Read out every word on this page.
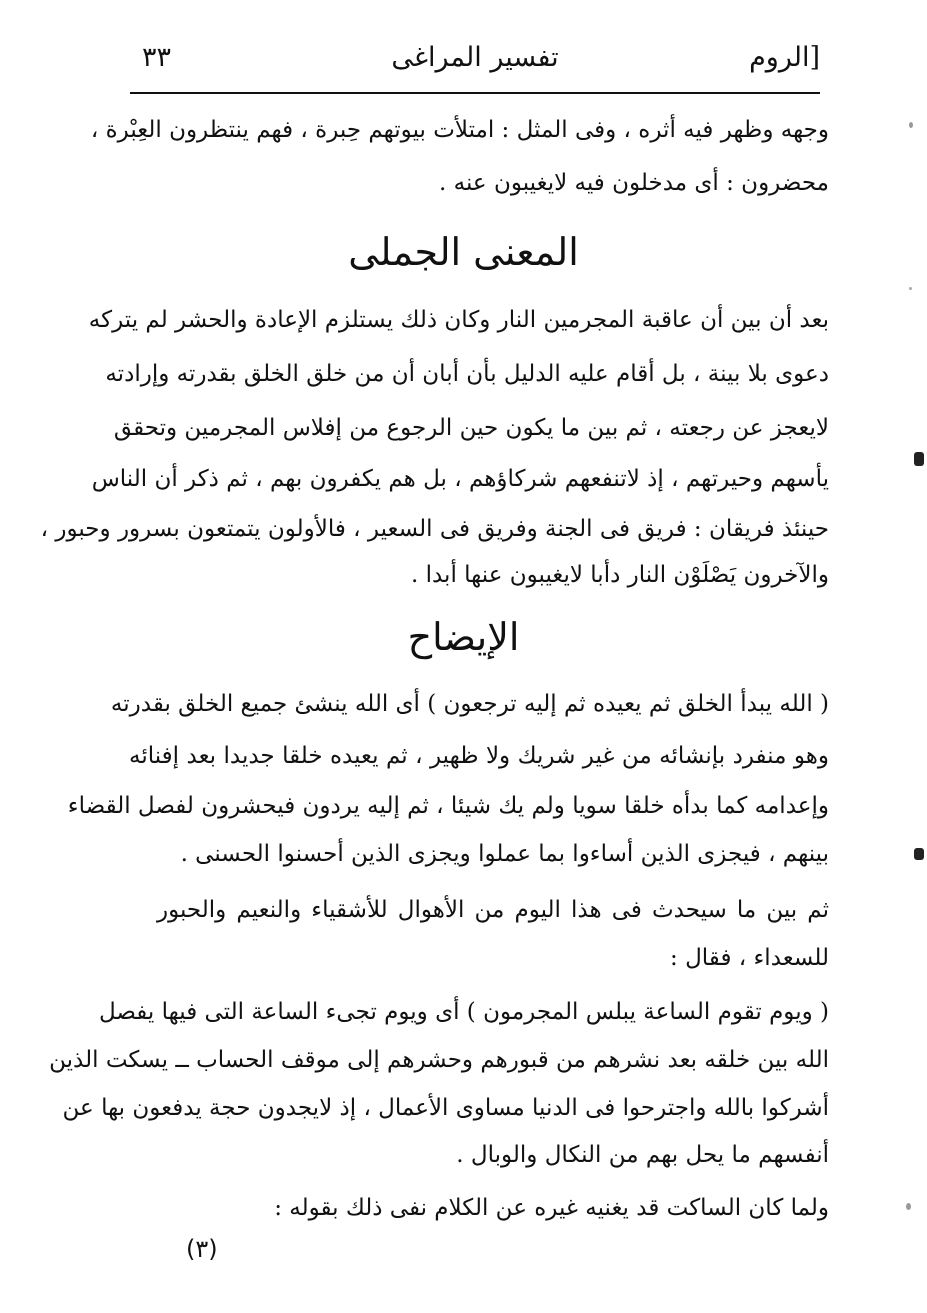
٣٣	تفسير المراغى	الروم]
وجهه وظهر فيه أثره ، وفى المثل : امتلأت بيوتهم حِبرة ، فهم ينتظرون العِبْرة ،
محضرون : أى مدخلون فيه لايغيبون عنه .
المعنى الجملى
بعد أن بين أن عاقبة المجرمين النار وكان ذلك يستلزم الإعادة والحشر لم يتركه
دعوى بلا بينة ، بل أقام عليه الدليل بأن أبان أن من خلق الخلق بقدرته وإرادته
لايعجز عن رجعته ، ثم بين ما يكون حين الرجوع من إفلاس المجرمين وتحقق
يأسهم وحيرتهم ، إذ لاتنفعهم شركاؤهم ، بل هم يكفرون بهم ، ثم ذكر أن الناس
حينئذ فريقان : فريق فى الجنة وفريق فى السعير ، فالأولون يتمتعون بسرور وحبور ،
والآخرون يَصْلَوْن النار دأبا لايغيبون عنها أبدا .
الإيضاح
( الله يبدأ الخلق ثم يعيده ثم إليه ترجعون ) أى الله ينشئ جميع الخلق بقدرته
وهو منفرد بإنشائه من غير شريك ولا ظهير ، ثم يعيده خلقا جديدا بعد إفنائه
وإعدامه كما بدأه خلقا سويا ولم يك شيئا ، ثم إليه يردون فيحشرون لفصل القضاء
بينهم ، فيجزى الذين أساءوا بما عملوا ويجزى الذين أحسنوا الحسنى .
ثم بين ما سيحدث فى هذا اليوم من الأهوال للأشقياء والنعيم والحبور
للسعداء ، فقال :
( ويوم تقوم الساعة يبلس المجرمون ) أى ويوم تجىء الساعة التى فيها يفصل
الله بين خلقه بعد نشرهم من قبورهم وحشرهم إلى موقف الحساب ــ يسكت الذين
أشركوا بالله واجترحوا فى الدنيا مساوى الأعمال ، إذ لايجدون حجة يدفعون بها عن
أنفسهم ما يحل بهم من النكال والوبال .
ولما كان الساكت قد يغنيه غيره عن الكلام نفى ذلك بقوله :
(٣)
